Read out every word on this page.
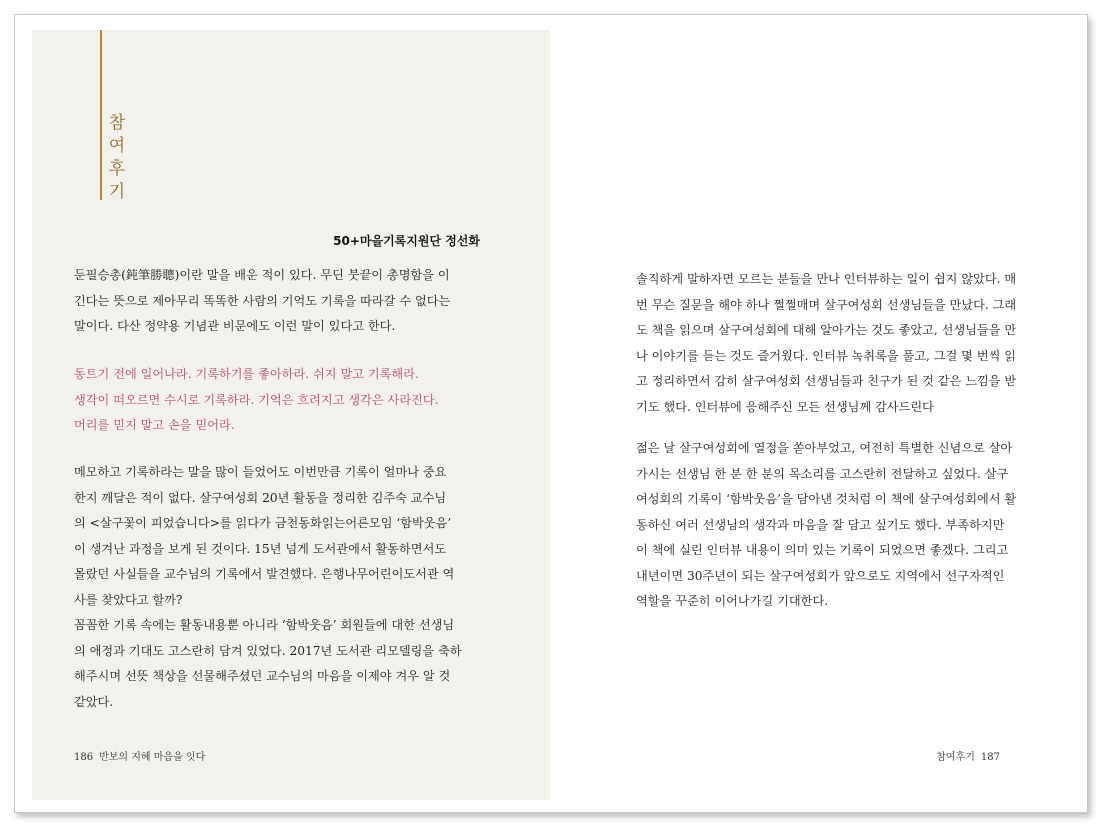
참
여
후
기
50+마을기록지원단 정선화

둔필승총(鈍筆勝聰)이란 말을 배운 적이 있다. 무딘 붓끝이 총명함을 이
긴다는 뜻으로 제아무리 똑똑한 사람의 기억도 기록을 따라갈 수 없다는
말이다. 다산 정약용 기념관 비문에도 이런 말이 있다고 한다.

동트기 전에 일어나라. 기록하기를 좋아하라. 쉬지 말고 기록해라.
생각이 떠오르면 수시로 기록하라. 기억은 흐려지고 생각은 사라진다.
머리를 믿지 말고 손을 믿어라.

메모하고 기록하라는 말을 많이 들었어도 이번만큼 기록이 얼마나 중요
한지 깨달은 적이 없다. 살구여성회 20년 활동을 정리한 김주숙 교수님
의 <살구꽃이 피었습니다>를 읽다가 금천동화읽는어른모임 ‘함박웃음’
이 생겨난 과정을 보게 된 것이다. 15년 넘게 도서관에서 활동하면서도
몰랐던 사실들을 교수님의 기록에서 발견했다. 은행나무어린이도서관 역
사를 찾았다고 할까?
꼼꼼한 기록 속에는 활동내용뿐 아니라 ‘함박웃음’ 회원들에 대한 선생님
의 애정과 기대도 고스란히 담겨 있었다. 2017년 도서관 리모델링을 축하
해주시며 선뜻 책상을 선물해주셨던 교수님의 마음을 이제야 겨우 알 것
같았다.

186 반보의 지혜 마음을 잇다

솔직하게 말하자면 모르는 분들을 만나 인터뷰하는 일이 쉽지 않았다. 매
번 무슨 질문을 해야 하나 쩔쩔매며 살구여성회 선생님들을 만났다. 그래
도 책을 읽으며 살구여성회에 대해 알아가는 것도 좋았고, 선생님들을 만
나 이야기를 듣는 것도 즐거웠다. 인터뷰 녹취록을 풀고, 그걸 몇 번씩 읽
고 정리하면서 감히 살구여성회 선생님들과 친구가 된 것 같은 느낌을 받
기도 했다. 인터뷰에 응해주신 모든 선생님께 감사드린다

젊은 날 살구여성회에 열정을 쏟아부었고, 여전히 특별한 신념으로 살아
가시는 선생님 한 분 한 분의 목소리를 고스란히 전달하고 싶었다. 살구
여성회의 기록이 ‘함박웃음’을 담아낸 것처럼 이 책에 살구여성회에서 활
동하신 여러 선생님의 생각과 마음을 잘 담고 싶기도 했다. 부족하지만
이 책에 실린 인터뷰 내용이 의미 있는 기록이 되었으면 좋겠다. 그리고
내년이면 30주년이 되는 살구여성회가 앞으로도 지역에서 선구자적인
역할을 꾸준히 이어나가길 기대한다.

참여후기 187
